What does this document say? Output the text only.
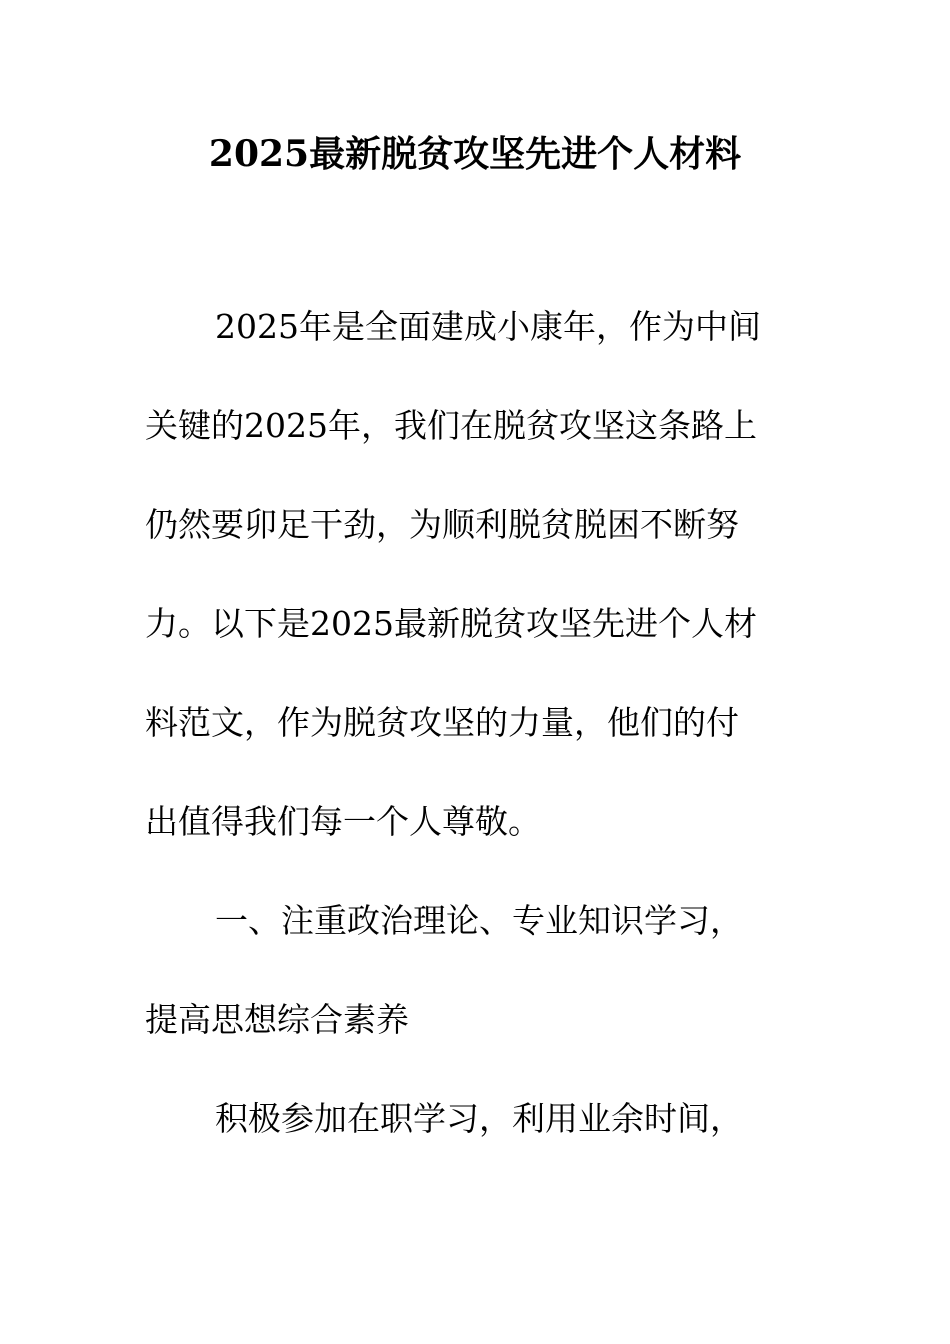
2025最新脱贫攻坚先进个人材料
2025年是全面建成小康年，作为中间
关键的2025年，我们在脱贫攻坚这条路上
仍然要卯足干劲，为顺利脱贫脱困不断努
力。以下是2025最新脱贫攻坚先进个人材
料范文，作为脱贫攻坚的力量，他们的付
出值得我们每一个人尊敬。
一、注重政治理论、专业知识学习，
提高思想综合素养
积极参加在职学习，利用业余时间，
